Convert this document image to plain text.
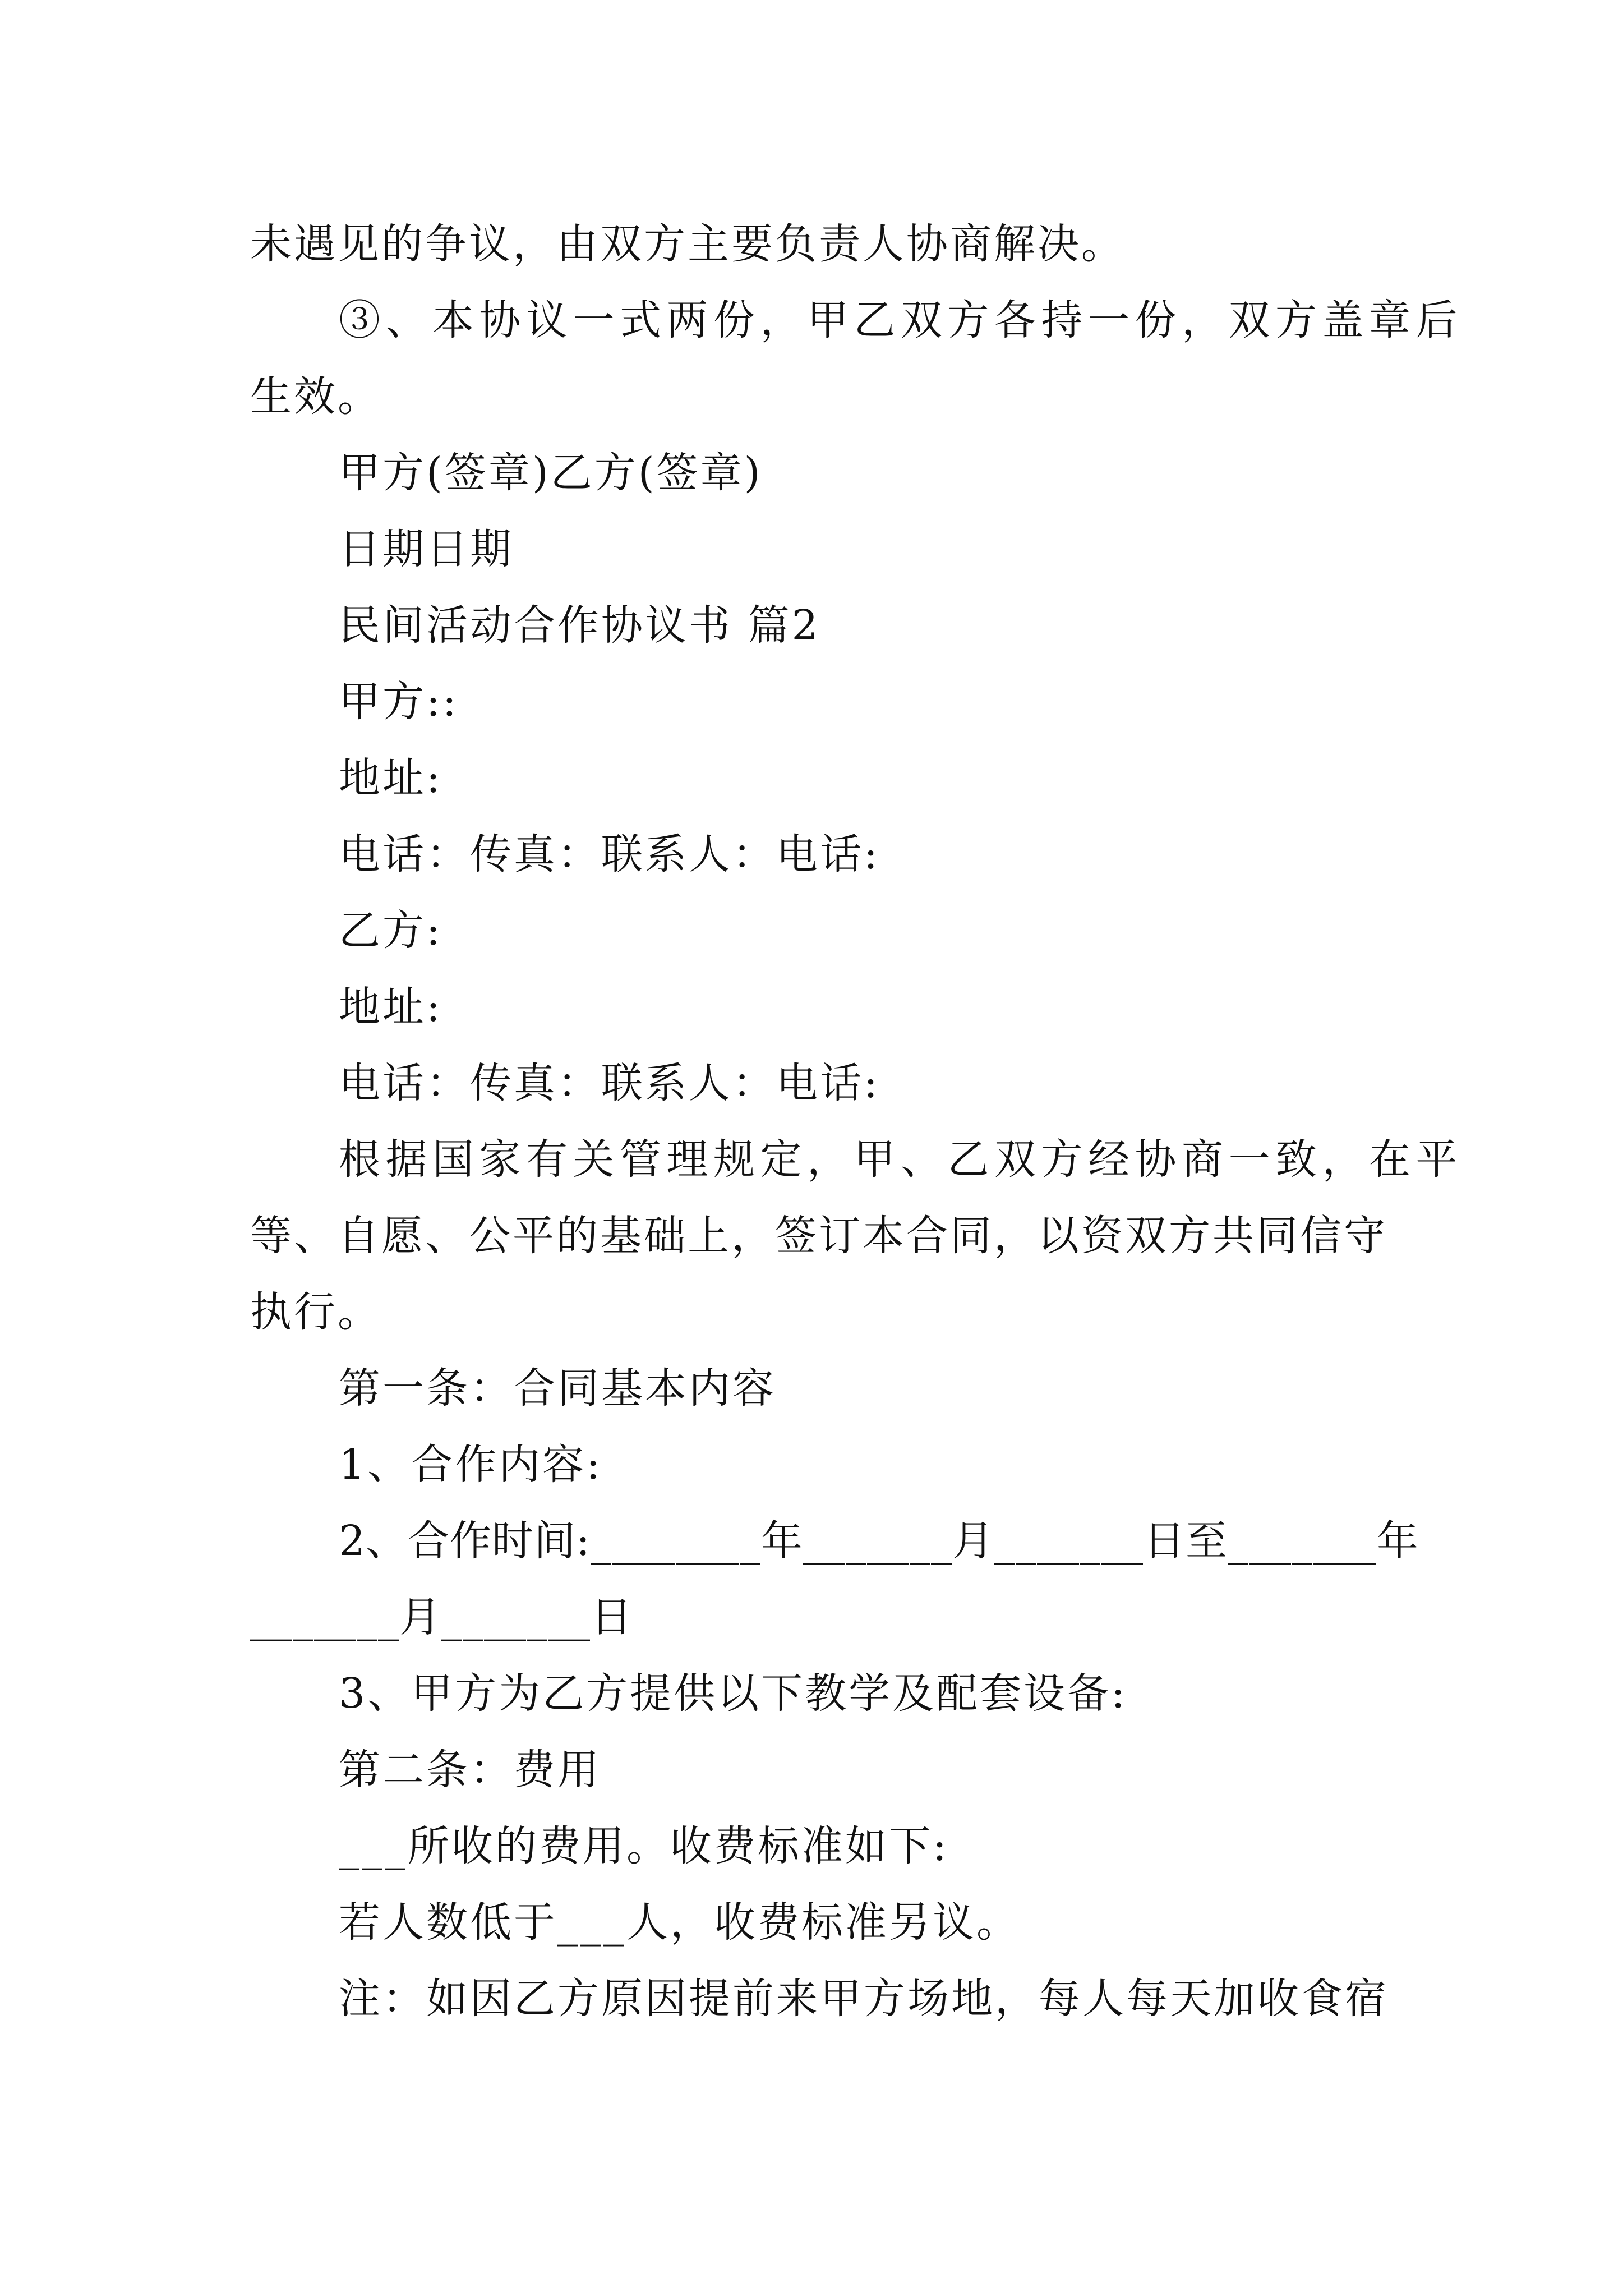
未遇见的争议，由双方主要负责人协商解决。
③、本协议一式两份，甲乙双方各持一份，双方盖章后
生效。
甲方(签章)乙方(签章)
日期日期
民间活动合作协议书 篇2
甲方::
地址:
电话：传真：联系人：电话:
乙方:
地址:
电话：传真：联系人：电话:
根据国家有关管理规定，甲、乙双方经协商一致，在平
等、自愿、公平的基础上，签订本合同，以资双方共同信守
执行。
第一条：合同基本内容
1、合作内容:
2、合作时间:________年_______月_______日至_______年
_______月_______日
3、甲方为乙方提供以下教学及配套设备:
第二条：费用
___所收的费用。收费标准如下:
若人数低于___人，收费标准另议。
注：如因乙方原因提前来甲方场地，每人每天加收食宿
